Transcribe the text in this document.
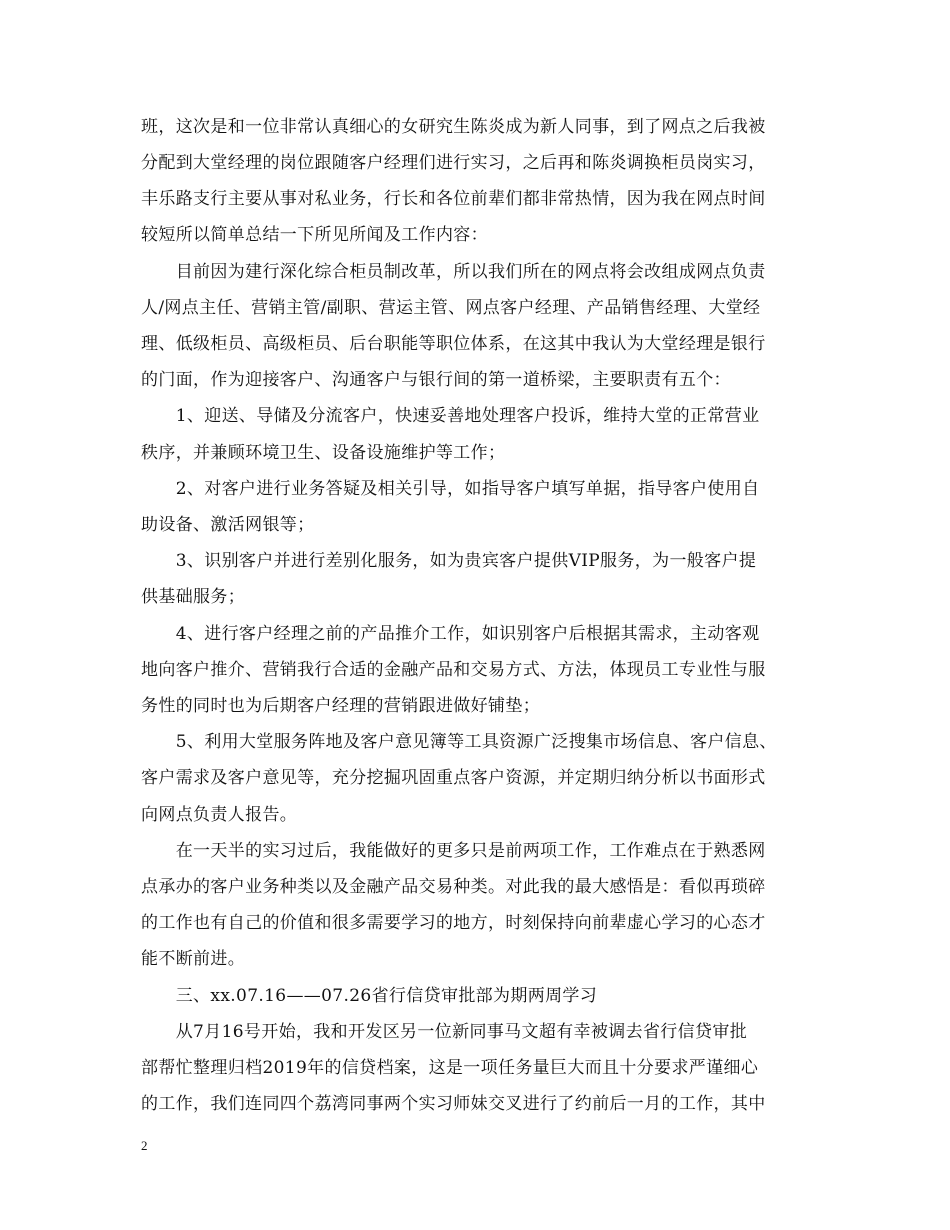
班，这次是和一位非常认真细心的女研究生陈炎成为新人同事，到了网点之后我被
分配到大堂经理的岗位跟随客户经理们进行实习，之后再和陈炎调换柜员岗实习，
丰乐路支行主要从事对私业务，行长和各位前辈们都非常热情，因为我在网点时间
较短所以简单总结一下所见所闻及工作内容：
　　目前因为建行深化综合柜员制改革，所以我们所在的网点将会改组成网点负责
人/网点主任、营销主管/副职、营运主管、网点客户经理、产品销售经理、大堂经
理、低级柜员、高级柜员、后台职能等职位体系，在这其中我认为大堂经理是银行
的门面，作为迎接客户、沟通客户与银行间的第一道桥梁，主要职责有五个：
　　1、迎送、导储及分流客户，快速妥善地处理客户投诉，维持大堂的正常营业
秩序，并兼顾环境卫生、设备设施维护等工作；
　　2、对客户进行业务答疑及相关引导，如指导客户填写单据，指导客户使用自
助设备、激活网银等；
　　3、识别客户并进行差别化服务，如为贵宾客户提供VIP服务，为一般客户提
供基础服务；
　　4、进行客户经理之前的产品推介工作，如识别客户后根据其需求，主动客观
地向客户推介、营销我行合适的金融产品和交易方式、方法，体现员工专业性与服
务性的同时也为后期客户经理的营销跟进做好铺垫；
　　5、利用大堂服务阵地及客户意见簿等工具资源广泛搜集市场信息、客户信息、
客户需求及客户意见等，充分挖掘巩固重点客户资源，并定期归纳分析以书面形式
向网点负责人报告。
　　在一天半的实习过后，我能做好的更多只是前两项工作，工作难点在于熟悉网
点承办的客户业务种类以及金融产品交易种类。对此我的最大感悟是：看似再琐碎
的工作也有自己的价值和很多需要学习的地方，时刻保持向前辈虚心学习的心态才
能不断前进。
　　三、xx.07.16——07.26省行信贷审批部为期两周学习
　　从7月16号开始，我和开发区另一位新同事马文超有幸被调去省行信贷审批
部帮忙整理归档2019年的信贷档案，这是一项任务量巨大而且十分要求严谨细心
的工作，我们连同四个荔湾同事两个实习师妹交叉进行了约前后一月的工作，其中
2
